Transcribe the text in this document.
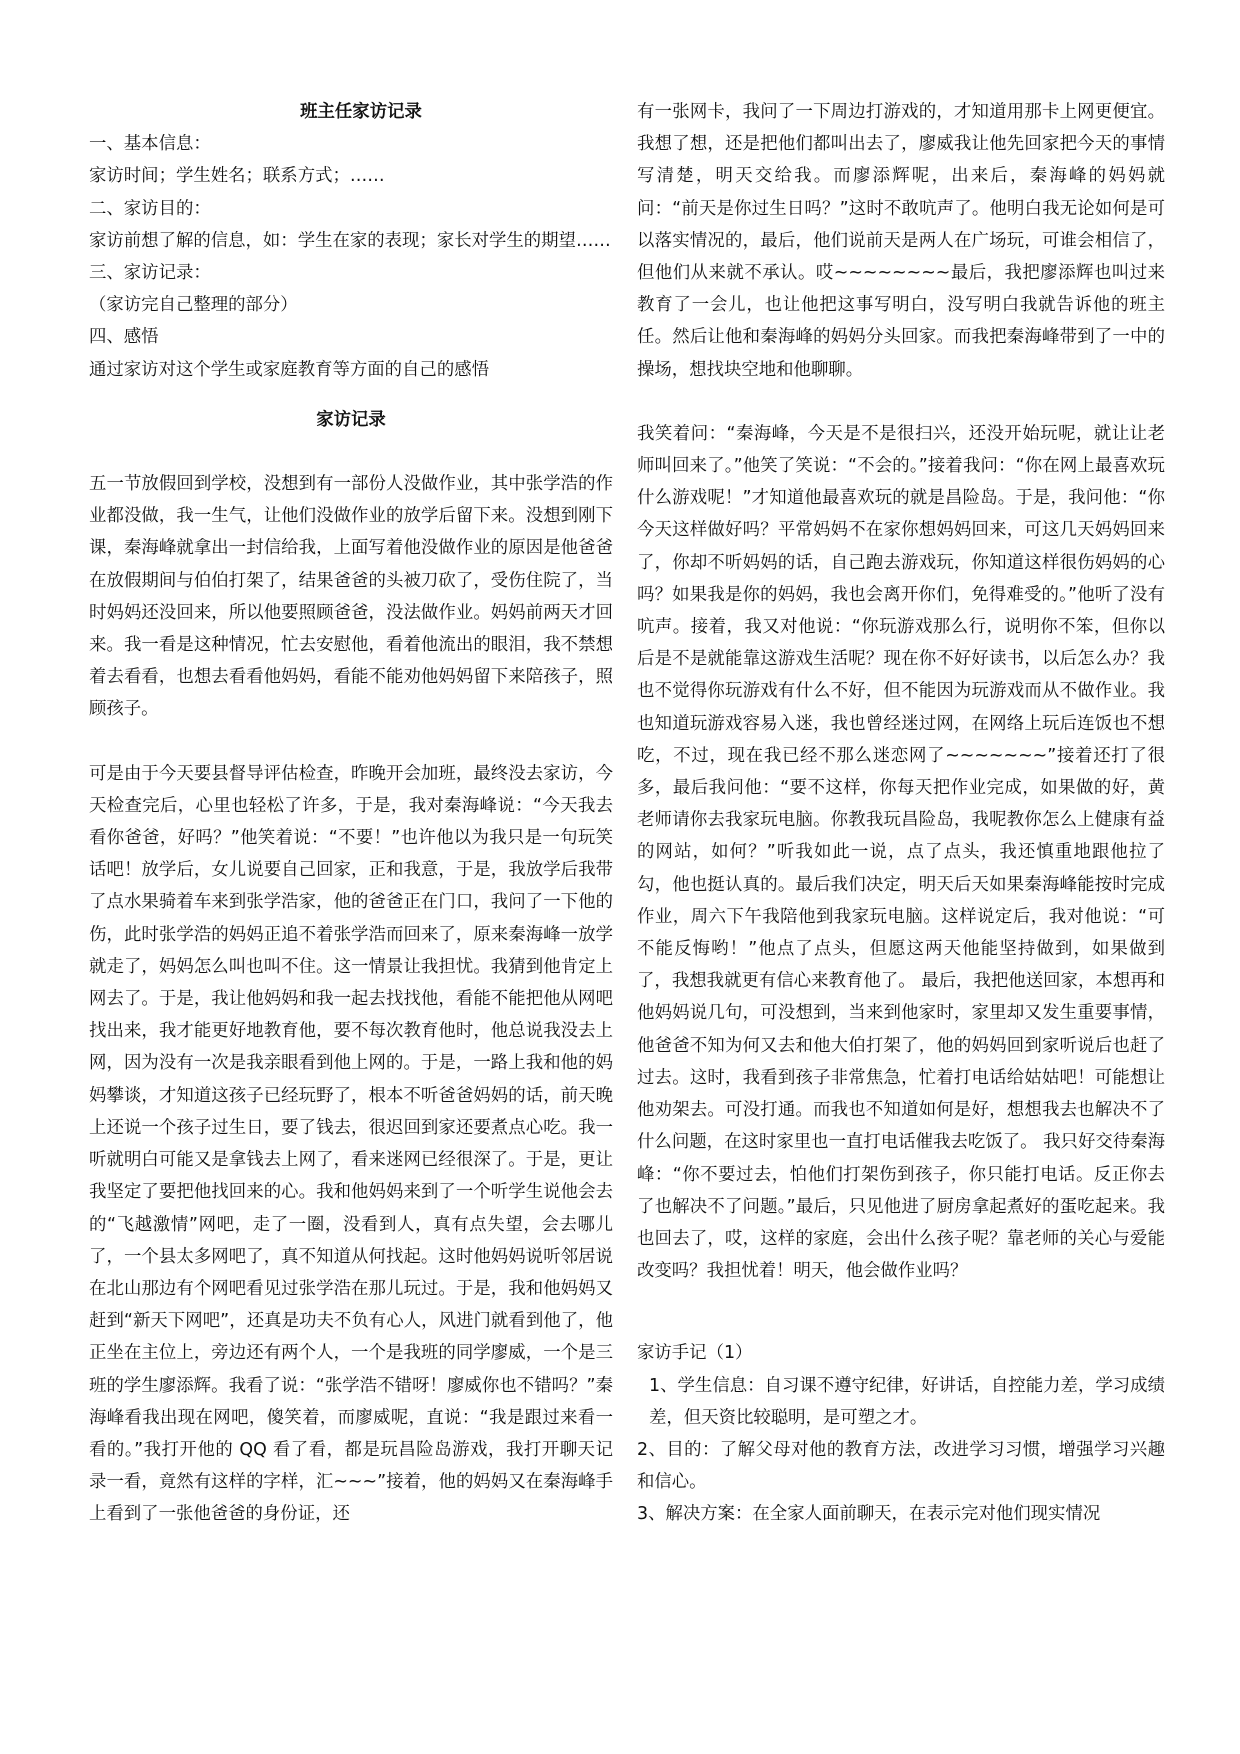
班主任家访记录

一、基本信息：

家访时间；学生姓名；联系方式；……

二、家访目的：

家访前想了解的信息，如：学生在家的表现；家长对学生的期望……

三、家访记录：

（家访完自己整理的部分）

四、感悟

通过家访对这个学生或家庭教育等方面的自己的感悟

家访记录

五一节放假回到学校，没想到有一部份人没做作业，其中张学浩的作业都没做，我一生气，让他们没做作业的放学后留下来。没想到刚下课，秦海峰就拿出一封信给我，上面写着他没做作业的原因是他爸爸在放假期间与伯伯打架了，结果爸爸的头被刀砍了，受伤住院了，当时妈妈还没回来，所以他要照顾爸爸，没法做作业。妈妈前两天才回来。我一看是这种情况，忙去安慰他，看着他流出的眼泪，我不禁想着去看看，也想去看看他妈妈，看能不能劝他妈妈留下来陪孩子，照顾孩子。

可是由于今天要县督导评估检查，昨晚开会加班，最终没去家访，今天检查完后，心里也轻松了许多，于是，我对秦海峰说：“今天我去看你爸爸，好吗？”他笑着说：“不要！”也许他以为我只是一句玩笑话吧！放学后，女儿说要自己回家，正和我意，于是，我放学后我带了点水果骑着车来到张学浩家，他的爸爸正在门口，我问了一下他的伤，此时张学浩的妈妈正追不着张学浩而回来了，原来秦海峰一放学就走了，妈妈怎么叫也叫不住。这一情景让我担忧。我猜到他肯定上网去了。于是，我让他妈妈和我一起去找找他，看能不能把他从网吧找出来，我才能更好地教育他，要不每次教育他时，他总说我没去上网，因为没有一次是我亲眼看到他上网的。于是，一路上我和他的妈妈攀谈，才知道这孩子已经玩野了，根本不听爸爸妈妈的话，前天晚上还说一个孩子过生日，要了钱去，很迟回到家还要煮点心吃。我一听就明白可能又是拿钱去上网了，看来迷网已经很深了。于是，更让我坚定了要把他找回来的心。我和他妈妈来到了一个听学生说他会去的“飞越激情”网吧，走了一圈，没看到人，真有点失望，会去哪儿了，一个县太多网吧了，真不知道从何找起。这时他妈妈说听邻居说在北山那边有个网吧看见过张学浩在那儿玩过。于是，我和他妈妈又赶到“新天下网吧”，还真是功夫不负有心人，风进门就看到他了，他正坐在主位上，旁边还有两个人，一个是我班的同学廖威，一个是三班的学生廖添辉。我看了说：“张学浩不错呀！廖威你也不错吗？”秦海峰看我出现在网吧，傻笑着，而廖威呢，直说：“我是跟过来看一看的。”我打开他的 QQ 看了看，都是玩昌险岛游戏，我打开聊天记录一看，竟然有这样的字样，汇~~~”接着，他的妈妈又在秦海峰手上看到了一张他爸爸的身份证，还

有一张网卡，我问了一下周边打游戏的，才知道用那卡上网更便宜。我想了想，还是把他们都叫出去了，廖威我让他先回家把今天的事情写清楚，明天交给我。而廖添辉呢，出来后，秦海峰的妈妈就问：“前天是你过生日吗？”这时不敢吭声了。他明白我无论如何是可以落实情况的，最后，他们说前天是两人在广场玩，可谁会相信了，但他们从来就不承认。哎~~~~~~~~最后，我把廖添辉也叫过来教育了一会儿，也让他把这事写明白，没写明白我就告诉他的班主任。然后让他和秦海峰的妈妈分头回家。而我把秦海峰带到了一中的操场，想找块空地和他聊聊。

我笑着问：“秦海峰，今天是不是很扫兴，还没开始玩呢，就让让老师叫回来了。”他笑了笑说：“不会的。”接着我问：“你在网上最喜欢玩什么游戏呢！”才知道他最喜欢玩的就是昌险岛。于是，我问他：“你今天这样做好吗？平常妈妈不在家你想妈妈回来，可这几天妈妈回来了，你却不听妈妈的话，自己跑去游戏玩，你知道这样很伤妈妈的心吗？如果我是你的妈妈，我也会离开你们，免得难受的。”他听了没有吭声。接着，我又对他说：“你玩游戏那么行，说明你不笨，但你以后是不是就能靠这游戏生活呢？现在你不好好读书，以后怎么办？我也不觉得你玩游戏有什么不好，但不能因为玩游戏而从不做作业。我也知道玩游戏容易入迷，我也曾经迷过网，在网络上玩后连饭也不想吃，不过，现在我已经不那么迷恋网了~~~~~~~”接着还打了很多，最后我问他：“要不这样，你每天把作业完成，如果做的好，黄老师请你去我家玩电脑。你教我玩昌险岛，我呢教你怎么上健康有益的网站，如何？”听我如此一说，点了点头，我还慎重地跟他拉了勾，他也挺认真的。最后我们决定，明天后天如果秦海峰能按时完成作业，周六下午我陪他到我家玩电脑。这样说定后，我对他说：“可不能反悔哟！”他点了点头，但愿这两天他能坚持做到，如果做到了，我想我就更有信心来教育他了。 最后，我把他送回家，本想再和他妈妈说几句，可没想到，当来到他家时，家里却又发生重要事情，他爸爸不知为何又去和他大伯打架了，他的妈妈回到家听说后也赶了过去。这时，我看到孩子非常焦急，忙着打电话给姑姑吧！可能想让他劝架去。可没打通。而我也不知道如何是好，想想我去也解决不了什么问题，在这时家里也一直打电话催我去吃饭了。 我只好交待秦海峰：“你不要过去，怕他们打架伤到孩子，你只能打电话。反正你去了也解决不了问题。”最后，只见他进了厨房拿起煮好的蛋吃起来。我也回去了，哎，这样的家庭，会出什么孩子呢？靠老师的关心与爱能改变吗？我担忧着！明天，他会做作业吗？

家访手记（1）

1、学生信息：自习课不遵守纪律，好讲话，自控能力差，学习成绩差，但天资比较聪明，是可塑之才。

2、目的：了解父母对他的教育方法，改进学习习惯，增强学习兴趣和信心。

3、解决方案：在全家人面前聊天，在表示完对他们现实情况
